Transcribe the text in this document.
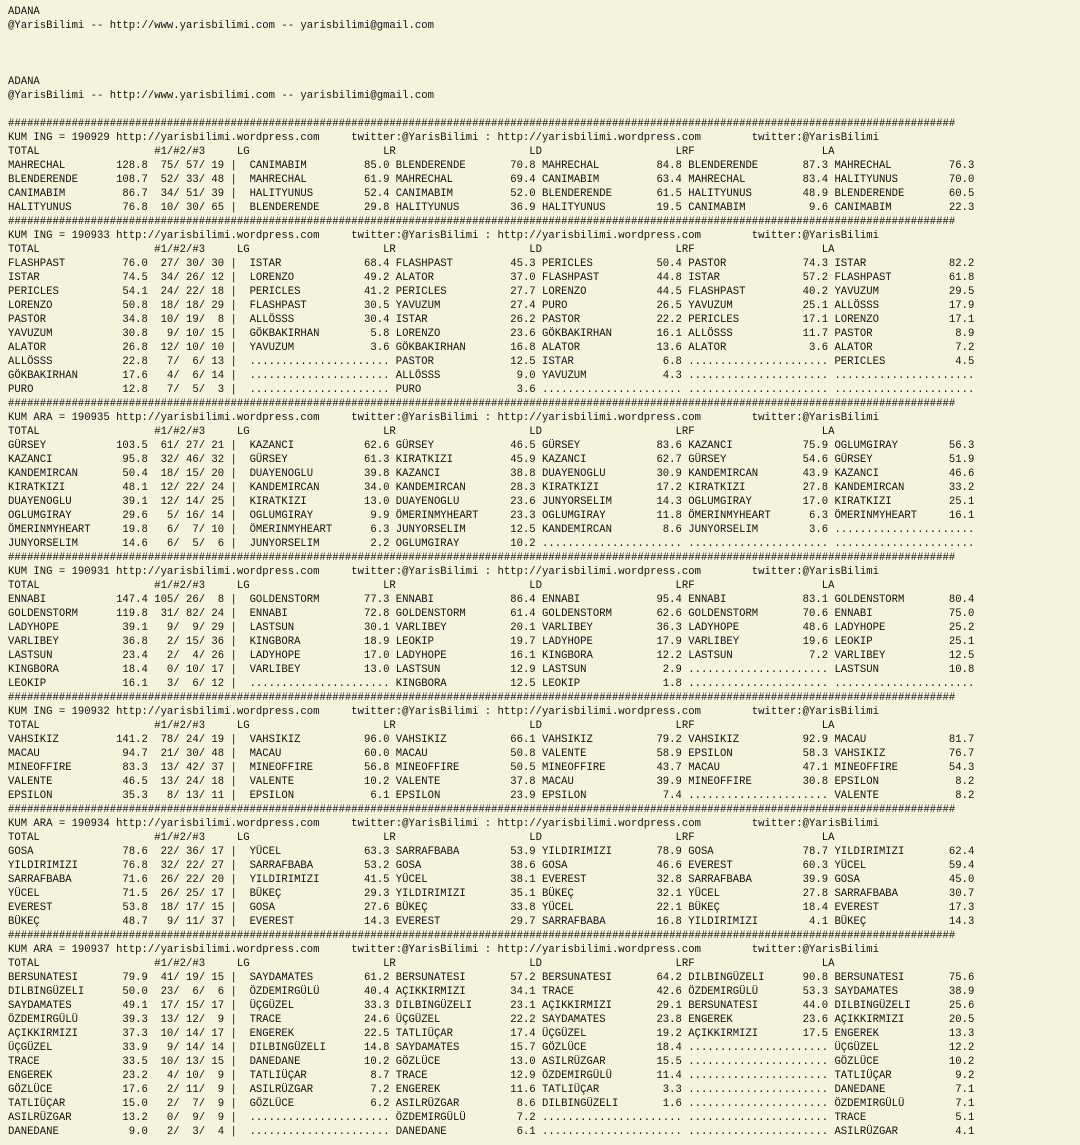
ADANA
@YarisBilimi -- http://www.yarisbilimi.com -- yarisbilimi@gmail.com
ADANA
@YarisBilimi -- http://www.yarisbilimi.com -- yarisbilimi@gmail.com
#####################################################################################################################################################
KUM ING = 190929 http://yarisbilimi.wordpress.com     twitter:@YarisBilimi : http://yarisbilimi.wordpress.com        twitter:@YarisBilimi
TOTAL                  #1/#2/#3     LG                     LR                     LD                     LRF                    LA
MAHRECHAL        128.8  75/ 57/ 19 |  CANIMABIM         85.0 BLENDERENDE       70.8 MAHRECHAL         84.8 BLENDERENDE       87.3 MAHRECHAL         76.3
BLENDERENDE      108.7  52/ 33/ 48 |  MAHRECHAL         61.9 MAHRECHAL         69.4 CANIMABIM         63.4 MAHRECHAL         83.4 HALITYUNUS        70.0
CANIMABIM         86.7  34/ 51/ 39 |  HALITYUNUS        52.4 CANIMABIM         52.0 BLENDERENDE       61.5 HALITYUNUS        48.9 BLENDERENDE       60.5
HALITYUNUS        76.8  10/ 30/ 65 |  BLENDERENDE       29.8 HALITYUNUS        36.9 HALITYUNUS        19.5 CANIMABIM          9.6 CANIMABIM         22.3
#####################################################################################################################################################
KUM ING = 190933 http://yarisbilimi.wordpress.com     twitter:@YarisBilimi : http://yarisbilimi.wordpress.com        twitter:@YarisBilimi
TOTAL                  #1/#2/#3     LG                     LR                     LD                     LRF                    LA
FLASHPAST         76.0  27/ 30/ 30 |  ISTAR             68.4 FLASHPAST         45.3 PERICLES          50.4 PASTOR            74.3 ISTAR             82.2
ISTAR             74.5  34/ 26/ 12 |  LORENZO           49.2 ALATOR            37.0 FLASHPAST         44.8 ISTAR             57.2 FLASHPAST         61.8
PERICLES          54.1  24/ 22/ 18 |  PERICLES          41.2 PERICLES          27.7 LORENZO           44.5 FLASHPAST         40.2 YAVUZUM           29.5
LORENZO           50.8  18/ 18/ 29 |  FLASHPAST         30.5 YAVUZUM           27.4 PURO              26.5 YAVUZUM           25.1 ALLÖSSS           17.9
PASTOR            34.8  10/ 19/  8 |  ALLÖSSS           30.4 ISTAR             26.2 PASTOR            22.2 PERICLES          17.1 LORENZO           17.1
YAVUZUM           30.8   9/ 10/ 15 |  GÖKBAKIRHAN        5.8 LORENZO           23.6 GÖKBAKIRHAN       16.1 ALLÖSSS           11.7 PASTOR             8.9
ALATOR            26.8  12/ 10/ 10 |  YAVUZUM            3.6 GÖKBAKIRHAN       16.8 ALATOR            13.6 ALATOR             3.6 ALATOR             7.2
ALLÖSSS           22.8   7/  6/ 13 |  ...................... PASTOR            12.5 ISTAR              6.8 ...................... PERICLES           4.5
GÖKBAKIRHAN       17.6   4/  6/ 14 |  ...................... ALLÖSSS            9.0 YAVUZUM            4.3 ...................... ......................
PURO              12.8   7/  5/  3 |  ...................... PURO               3.6 ...................... ...................... ......................
#####################################################################################################################################################
KUM ARA = 190935 http://yarisbilimi.wordpress.com     twitter:@YarisBilimi : http://yarisbilimi.wordpress.com        twitter:@YarisBilimi
TOTAL                  #1/#2/#3     LG                     LR                     LD                     LRF                    LA
GÜRSEY           103.5  61/ 27/ 21 |  KAZANCI           62.6 GÜRSEY            46.5 GÜRSEY            83.6 KAZANCI           75.9 OGLUMGIRAY        56.3
KAZANCI           95.8  32/ 46/ 32 |  GÜRSEY            61.3 KIRATKIZI         45.9 KAZANCI           62.7 GÜRSEY            54.6 GÜRSEY            51.9
KANDEMIRCAN       50.4  18/ 15/ 20 |  DUAYENOGLU        39.8 KAZANCI           38.8 DUAYENOGLU        30.9 KANDEMIRCAN       43.9 KAZANCI           46.6
KIRATKIZI         48.1  12/ 22/ 24 |  KANDEMIRCAN       34.0 KANDEMIRCAN       28.3 KIRATKIZI         17.2 KIRATKIZI         27.8 KANDEMIRCAN       33.2
DUAYENOGLU        39.1  12/ 14/ 25 |  KIRATKIZI         13.0 DUAYENOGLU        23.6 JUNYORSELIM       14.3 OGLUMGIRAY        17.0 KIRATKIZI         25.1
OGLUMGIRAY        29.6   5/ 16/ 14 |  OGLUMGIRAY         9.9 ÖMERINMYHEART     23.3 OGLUMGIRAY        11.8 ÖMERINMYHEART      6.3 ÖMERINMYHEART     16.1
ÖMERINMYHEART     19.8   6/  7/ 10 |  ÖMERINMYHEART      6.3 JUNYORSELIM       12.5 KANDEMIRCAN        8.6 JUNYORSELIM        3.6 ......................
JUNYORSELIM       14.6   6/  5/  6 |  JUNYORSELIM        2.2 OGLUMGIRAY        10.2 ...................... ...................... ......................
#####################################################################################################################################################
KUM ING = 190931 http://yarisbilimi.wordpress.com     twitter:@YarisBilimi : http://yarisbilimi.wordpress.com        twitter:@YarisBilimi
TOTAL                  #1/#2/#3     LG                     LR                     LD                     LRF                    LA
ENNABI           147.4 105/ 26/  8 |  GOLDENSTORM       77.3 ENNABI            86.4 ENNABI            95.4 ENNABI            83.1 GOLDENSTORM       80.4
GOLDENSTORM      119.8  31/ 82/ 24 |  ENNABI            72.8 GOLDENSTORM       61.4 GOLDENSTORM       62.6 GOLDENSTORM       70.6 ENNABI            75.0
LADYHOPE          39.1   9/  9/ 29 |  LASTSUN           30.1 VARLIBEY          20.1 VARLIBEY          36.3 LADYHOPE          48.6 LADYHOPE          25.2
VARLIBEY          36.8   2/ 15/ 36 |  KINGBORA          18.9 LEOKIP            19.7 LADYHOPE          17.9 VARLIBEY          19.6 LEOKIP            25.1
LASTSUN           23.4   2/  4/ 26 |  LADYHOPE          17.0 LADYHOPE          16.1 KINGBORA          12.2 LASTSUN            7.2 VARLIBEY          12.5
KINGBORA          18.4   0/ 10/ 17 |  VARLIBEY          13.0 LASTSUN           12.9 LASTSUN            2.9 ...................... LASTSUN           10.8
LEOKIP            16.1   3/  6/ 12 |  ...................... KINGBORA          12.5 LEOKIP             1.8 ...................... ......................
#####################################################################################################################################################
KUM ING = 190932 http://yarisbilimi.wordpress.com     twitter:@YarisBilimi : http://yarisbilimi.wordpress.com        twitter:@YarisBilimi
TOTAL                  #1/#2/#3     LG                     LR                     LD                     LRF                    LA
VAHSIKIZ         141.2  78/ 24/ 19 |  VAHSIKIZ          96.0 VAHSIKIZ          66.1 VAHSIKIZ          79.2 VAHSIKIZ          92.9 MACAU             81.7
MACAU             94.7  21/ 30/ 48 |  MACAU             60.0 MACAU             50.8 VALENTE           58.9 EPSILON           58.3 VAHSIKIZ          76.7
MINEOFFIRE        83.3  13/ 42/ 37 |  MINEOFFIRE        56.8 MINEOFFIRE        50.5 MINEOFFIRE        43.7 MACAU             47.1 MINEOFFIRE        54.3
VALENTE           46.5  13/ 24/ 18 |  VALENTE           10.2 VALENTE           37.8 MACAU             39.9 MINEOFFIRE        30.8 EPSILON            8.2
EPSILON           35.3   8/ 13/ 11 |  EPSILON            6.1 EPSILON           23.9 EPSILON            7.4 ...................... VALENTE            8.2
#####################################################################################################################################################
KUM ARA = 190934 http://yarisbilimi.wordpress.com     twitter:@YarisBilimi : http://yarisbilimi.wordpress.com        twitter:@YarisBilimi
TOTAL                  #1/#2/#3     LG                     LR                     LD                     LRF                    LA
GOSA              78.6  22/ 36/ 17 |  YÜCEL             63.3 SARRAFBABA        53.9 YILDIRIMIZI       78.9 GOSA              78.7 YILDIRIMIZI       62.4
YILDIRIMIZI       76.8  32/ 22/ 27 |  SARRAFBABA        53.2 GOSA              38.6 GOSA              46.6 EVEREST           60.3 YÜCEL             59.4
SARRAFBABA        71.6  26/ 22/ 20 |  YILDIRIMIZI       41.5 YÜCEL             38.1 EVEREST           32.8 SARRAFBABA        39.9 GOSA              45.0
YÜCEL             71.5  26/ 25/ 17 |  BÜKEÇ             29.3 YILDIRIMIZI       35.1 BÜKEÇ             32.1 YÜCEL             27.8 SARRAFBABA        30.7
EVEREST           53.8  18/ 17/ 15 |  GOSA              27.6 BÜKEÇ             33.8 YÜCEL             22.1 BÜKEÇ             18.4 EVEREST           17.3
BÜKEÇ             48.7   9/ 11/ 37 |  EVEREST           14.3 EVEREST           29.7 SARRAFBABA        16.8 YILDIRIMIZI        4.1 BÜKEÇ             14.3
#####################################################################################################################################################
KUM ARA = 190937 http://yarisbilimi.wordpress.com     twitter:@YarisBilimi : http://yarisbilimi.wordpress.com        twitter:@YarisBilimi
TOTAL                  #1/#2/#3     LG                     LR                     LD                     LRF                    LA
BERSUNATESI       79.9  41/ 19/ 15 |  SAYDAMATES        61.2 BERSUNATESI       57.2 BERSUNATESI       64.2 DILBINGÜZELI      90.8 BERSUNATESI       75.6
DILBINGÜZELI      50.0  23/  6/  6 |  ÖZDEMIRGÜLÜ       40.4 AÇIKKIRMIZI       34.1 TRACE             42.6 ÖZDEMIRGÜLÜ       53.3 SAYDAMATES        38.9
SAYDAMATES        49.1  17/ 15/ 17 |  ÜÇGÜZEL           33.3 DILBINGÜZELI      23.1 AÇIKKIRMIZI       29.1 BERSUNATESI       44.0 DILBINGÜZELI      25.6
ÖZDEMIRGÜLÜ       39.3  13/ 12/  9 |  TRACE             24.6 ÜÇGÜZEL           22.2 SAYDAMATES        23.8 ENGEREK           23.6 AÇIKKIRMIZI       20.5
AÇIKKIRMIZI       37.3  10/ 14/ 17 |  ENGEREK           22.5 TATLIÜÇAR         17.4 ÜÇGÜZEL           19.2 AÇIKKIRMIZI       17.5 ENGEREK           13.3
ÜÇGÜZEL           33.9   9/ 14/ 14 |  DILBINGÜZELI      14.8 SAYDAMATES        15.7 GÖZLÜCE           18.4 ...................... ÜÇGÜZEL           12.2
TRACE             33.5  10/ 13/ 15 |  DANEDANE          10.2 GÖZLÜCE           13.0 ASILRÜZGAR        15.5 ...................... GÖZLÜCE           10.2
ENGEREK           23.2   4/ 10/  9 |  TATLIÜÇAR          8.7 TRACE             12.9 ÖZDEMIRGÜLÜ       11.4 ...................... TATLIÜÇAR          9.2
GÖZLÜCE           17.6   2/ 11/  9 |  ASILRÜZGAR         7.2 ENGEREK           11.6 TATLIÜÇAR          3.3 ...................... DANEDANE           7.1
TATLIÜÇAR         15.0   2/  7/  9 |  GÖZLÜCE            6.2 ASILRÜZGAR         8.6 DILBINGÜZELI       1.6 ...................... ÖZDEMIRGÜLÜ        7.1
ASILRÜZGAR        13.2   0/  9/  9 |  ...................... ÖZDEMIRGÜLÜ        7.2 ...................... ...................... TRACE              5.1
DANEDANE           9.0   2/  3/  4 |  ...................... DANEDANE           6.1 ...................... ...................... ASILRÜZGAR         4.1
